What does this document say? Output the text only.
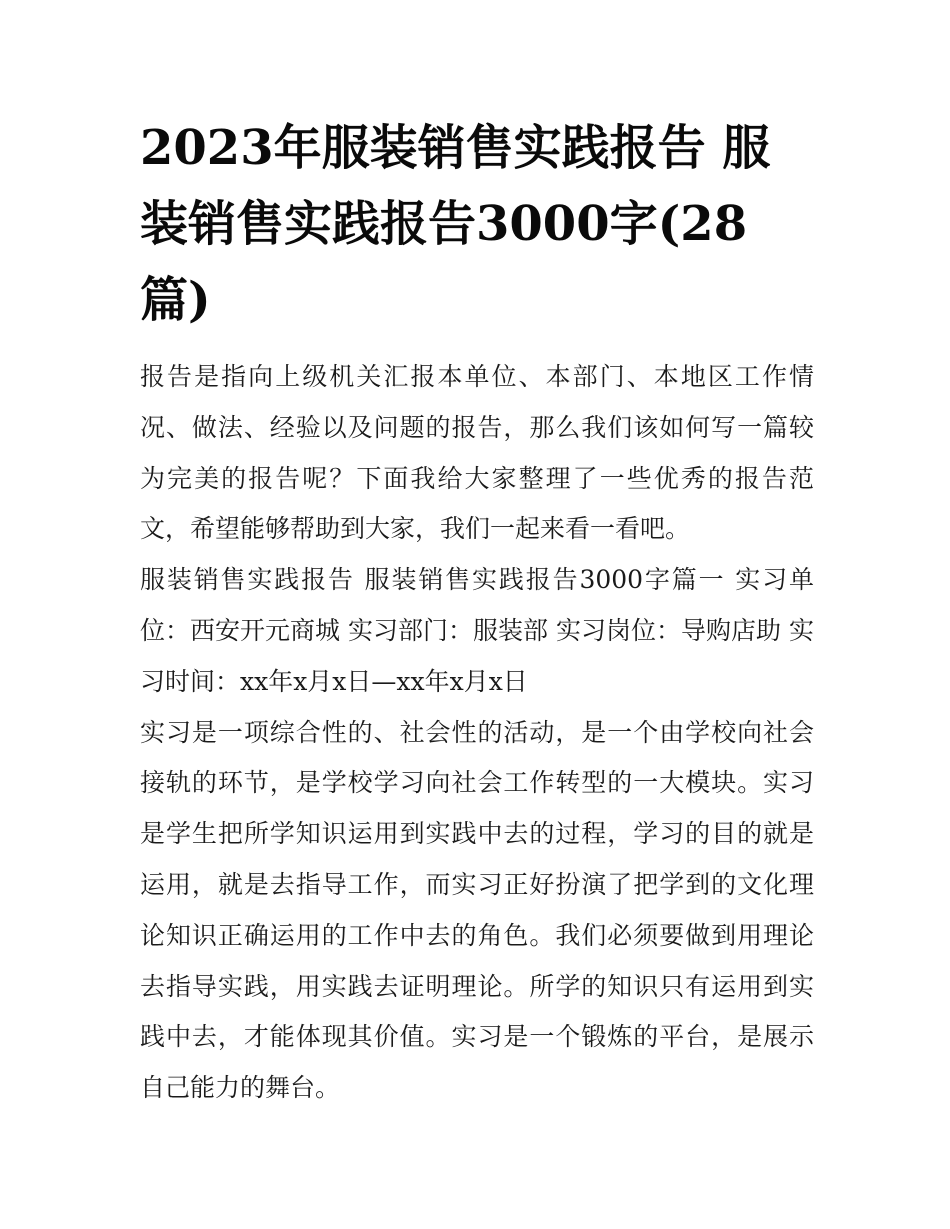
2023年服装销售实践报告 服装销售实践报告3000字(28篇)

报告是指向上级机关汇报本单位、本部门、本地区工作情况、做法、经验以及问题的报告，那么我们该如何写一篇较为完美的报告呢？下面我给大家整理了一些优秀的报告范文，希望能够帮助到大家，我们一起来看一看吧。

服装销售实践报告 服装销售实践报告3000字篇一 实习单位：西安开元商城 实习部门：服装部 实习岗位：导购店助 实习时间：xx年x月x日—xx年x月x日

实习是一项综合性的、社会性的活动，是一个由学校向社会接轨的环节，是学校学习向社会工作转型的一大模块。实习是学生把所学知识运用到实践中去的过程，学习的目的就是运用，就是去指导工作，而实习正好扮演了把学到的文化理论知识正确运用的工作中去的角色。我们必须要做到用理论去指导实践，用实践去证明理论。所学的知识只有运用到实践中去，才能体现其价值。实习是一个锻炼的平台，是展示自己能力的舞台。
